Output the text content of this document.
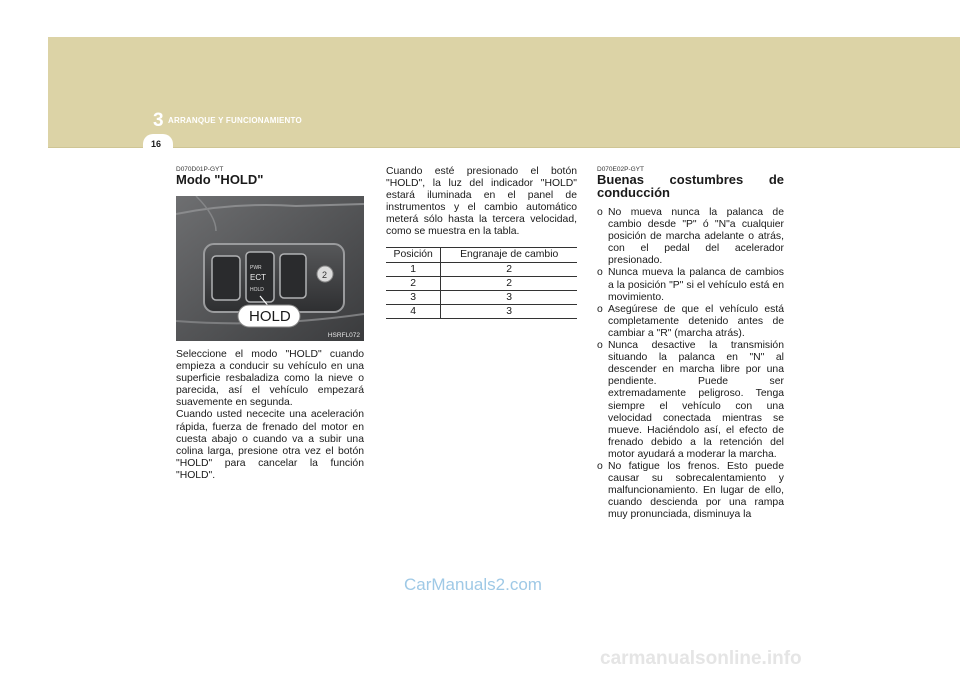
3 ARRANQUE Y FUNCIONAMIENTO
16
D070D01P-GYT
Modo "HOLD"
2
PWR
ECT
HOLD
HOLD
HSRFL072

Seleccione el modo "HOLD" cuando empieza a conducir su vehículo en una superficie resbaladiza como la nieve o parecida, así el vehículo empezará suavemente en segunda.

Cuando usted nececite una aceleración rápida, fuerza de frenado del motor en cuesta abajo o cuando va a subir una colina larga, presione otra vez el botón "HOLD" para cancelar la función "HOLD".

Cuando esté presionado el botón "HOLD", la luz del indicador "HOLD" estará iluminada en el panel de instrumentos y el cambio automático meterá sólo hasta la tercera velocidad, como se muestra en la tabla.

Posición	Engranaje de cambio
1	2
2	2
3	3
4	3
D070E02P-GYT
Buenas costumbres de conducción
o No mueva nunca la palanca de cambio desde "P" ó "N"a cualquier posición de marcha adelante o atrás, con el pedal del acelerador presionado.
o Nunca mueva la palanca de cambios a la posición "P" si el vehículo está en movimiento.
o Asegúrese de que el vehículo está completamente detenido antes de cambiar a "R" (marcha atrás).
o Nunca desactive la transmisión situando la palanca en "N" al descender en marcha libre por una pendiente. Puede ser extremadamente peligroso. Tenga siempre el vehículo con una velocidad conectada mientras se mueve. Haciéndolo así, el efecto de frenado debido a la retención del motor ayudará a moderar la marcha.
o No fatigue los frenos. Esto puede causar su sobrecalentamiento y malfuncionamiento. En lugar de ello, cuando descienda por una rampa muy pronunciada, disminuya la
CarManuals2.com
carmanualsonline.info
